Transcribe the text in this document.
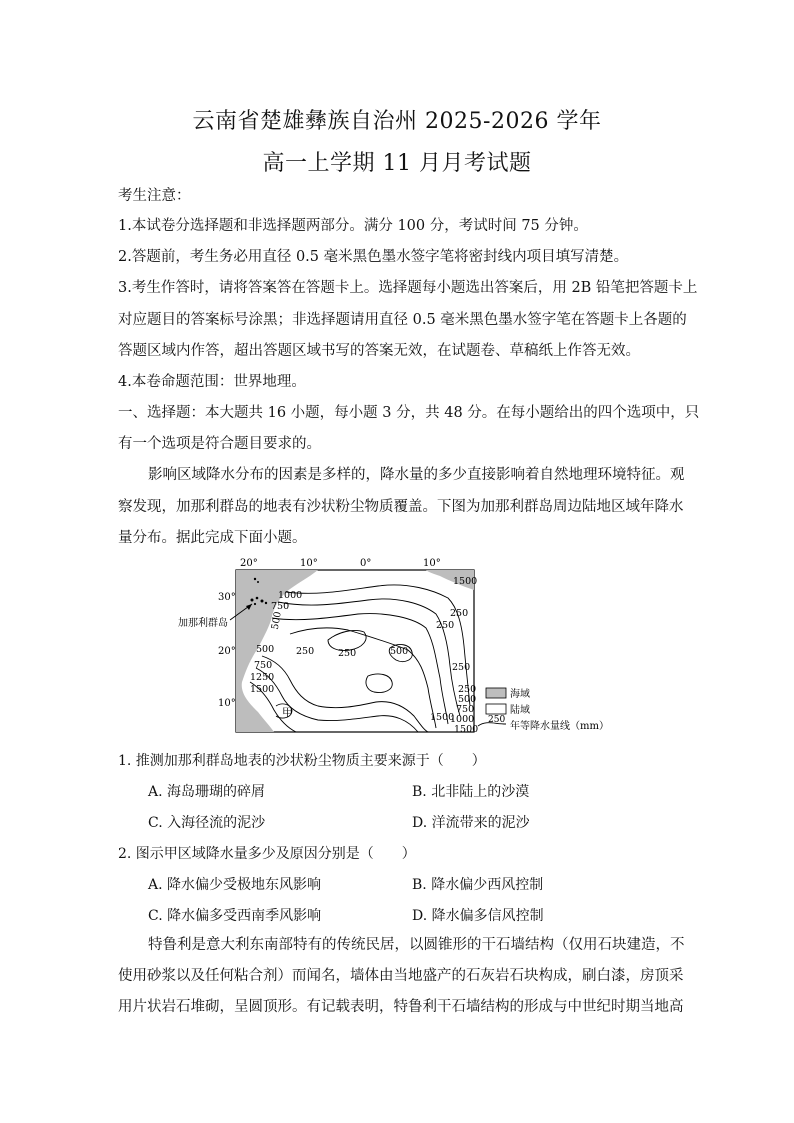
云南省楚雄彝族自治州 2025-2026 学年
高一上学期 11 月月考试题
考生注意：
1.本试卷分选择题和非选择题两部分。满分 100 分，考试时间 75 分钟。
2.答题前，考生务必用直径 0.5 毫米黑色墨水签字笔将密封线内项目填写清楚。
3.考生作答时，请将答案答在答题卡上。选择题每小题选出答案后，用 2B 铅笔把答题卡上
对应题目的答案标号涂黑；非选择题请用直径 0.5 毫米黑色墨水签字笔在答题卡上各题的
答题区域内作答，超出答题区域书写的答案无效，在试题卷、草稿纸上作答无效。
4.本卷命题范围：世界地理。
一、选择题：本大题共 16 小题，每小题 3 分，共 48 分。在每小题给出的四个选项中，只
有一个选项是符合题目要求的。
影响区域降水分布的因素是多样的，降水量的多少直接影响着自然地理环境特征。观
察发现，加那利群岛的地表有沙状粉尘物质覆盖。下图为加那利群岛周边陆地区域年降水
量分布。据此完成下面小题。
20°	10°	0°	10°
30°
20°
10°
加那利群岛
1500
1000
750
500	250
250
500	250
250
500
750
1250
1500	250
500
750
1000
1500
1500
250
甲
海域
陆域
250
年等降水量线（mm）
1. 推测加那利群岛地表的沙状粉尘物质主要来源于（　　）
A. 海岛珊瑚的碎屑	B. 北非陆上的沙漠
C. 入海径流的泥沙	D. 洋流带来的泥沙
2. 图示甲区域降水量多少及原因分别是（　　）
A. 降水偏少受极地东风影响	B. 降水偏少西风控制
C. 降水偏多受西南季风影响	D. 降水偏多信风控制
特鲁利是意大利东南部特有的传统民居，以圆锥形的干石墙结构（仅用石块建造，不
使用砂浆以及任何粘合剂）而闻名，墙体由当地盛产的石灰岩石块构成，刷白漆，房顶采
用片状岩石堆砌，呈圆顶形。有记载表明，特鲁利干石墙结构的形成与中世纪时期当地高
